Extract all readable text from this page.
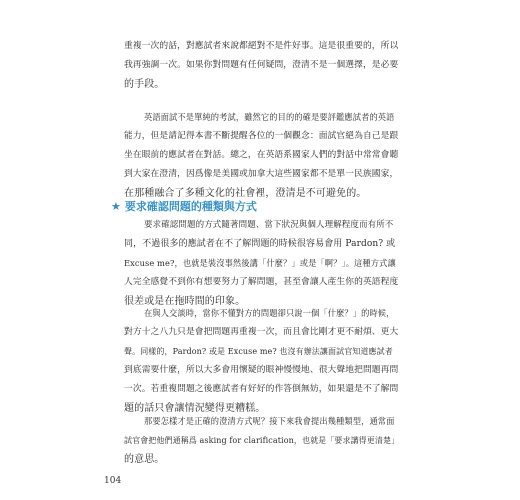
重複一次的話，對應試者來說都絕對不是件好事。這是很重要的，所以
我再強調一次。如果你對問題有任何疑問，澄清不是一個選擇，是必要
的手段。
英語面試不是單純的考試，雖然它的目的的確是要評鑑應試者的英語
能力，但是請記得本書不斷提醒各位的一個觀念：面試官絕為自己是跟
坐在眼前的應試者在對話。總之，在英語系國家人們的對話中常常會聽
到大家在澄清，因爲像是美國或加拿大這些國家都不是單一民族國家，
在那種融合了多種文化的社會裡，澄清是不可避免的。
★ 要求確認問題的種類與方式
要求確認問題的方式隨著問題、當下狀況與個人理解程度而有所不
同，不過很多的應試者在不了解問題的時候很容易會用 Pardon? 或
Excuse me?，也就是裝沒事然後講「什麼？」或是「啊？」。這種方式讓
人完全感覺不到你有想要努力了解問題，甚至會讓人產生你的英語程度
很差或是在拖時間的印象。
在與人交談時，當你不懂對方的問題卻只說一個「什麼？」的時候，
對方十之八九只是會把問題再重複一次，而且會比剛才更不耐煩、更大
聲。同樣的，Pardon? 或是 Excuse me? 也沒有辦法讓面試官知道應試者
到底需要什麼，所以大多會用懷疑的眼神慢慢地、很大聲地把問題再問
一次。若重複問題之後應試者有好好的作答倒無妨，如果還是不了解問
題的話只會讓情況變得更糟糕。
那要怎樣才是正確的澄清方式呢？接下來我會提出幾種類型，通常面
試官會把他們通稱爲 asking for clarification，也就是「要求講得更清楚」
的意思。
104
